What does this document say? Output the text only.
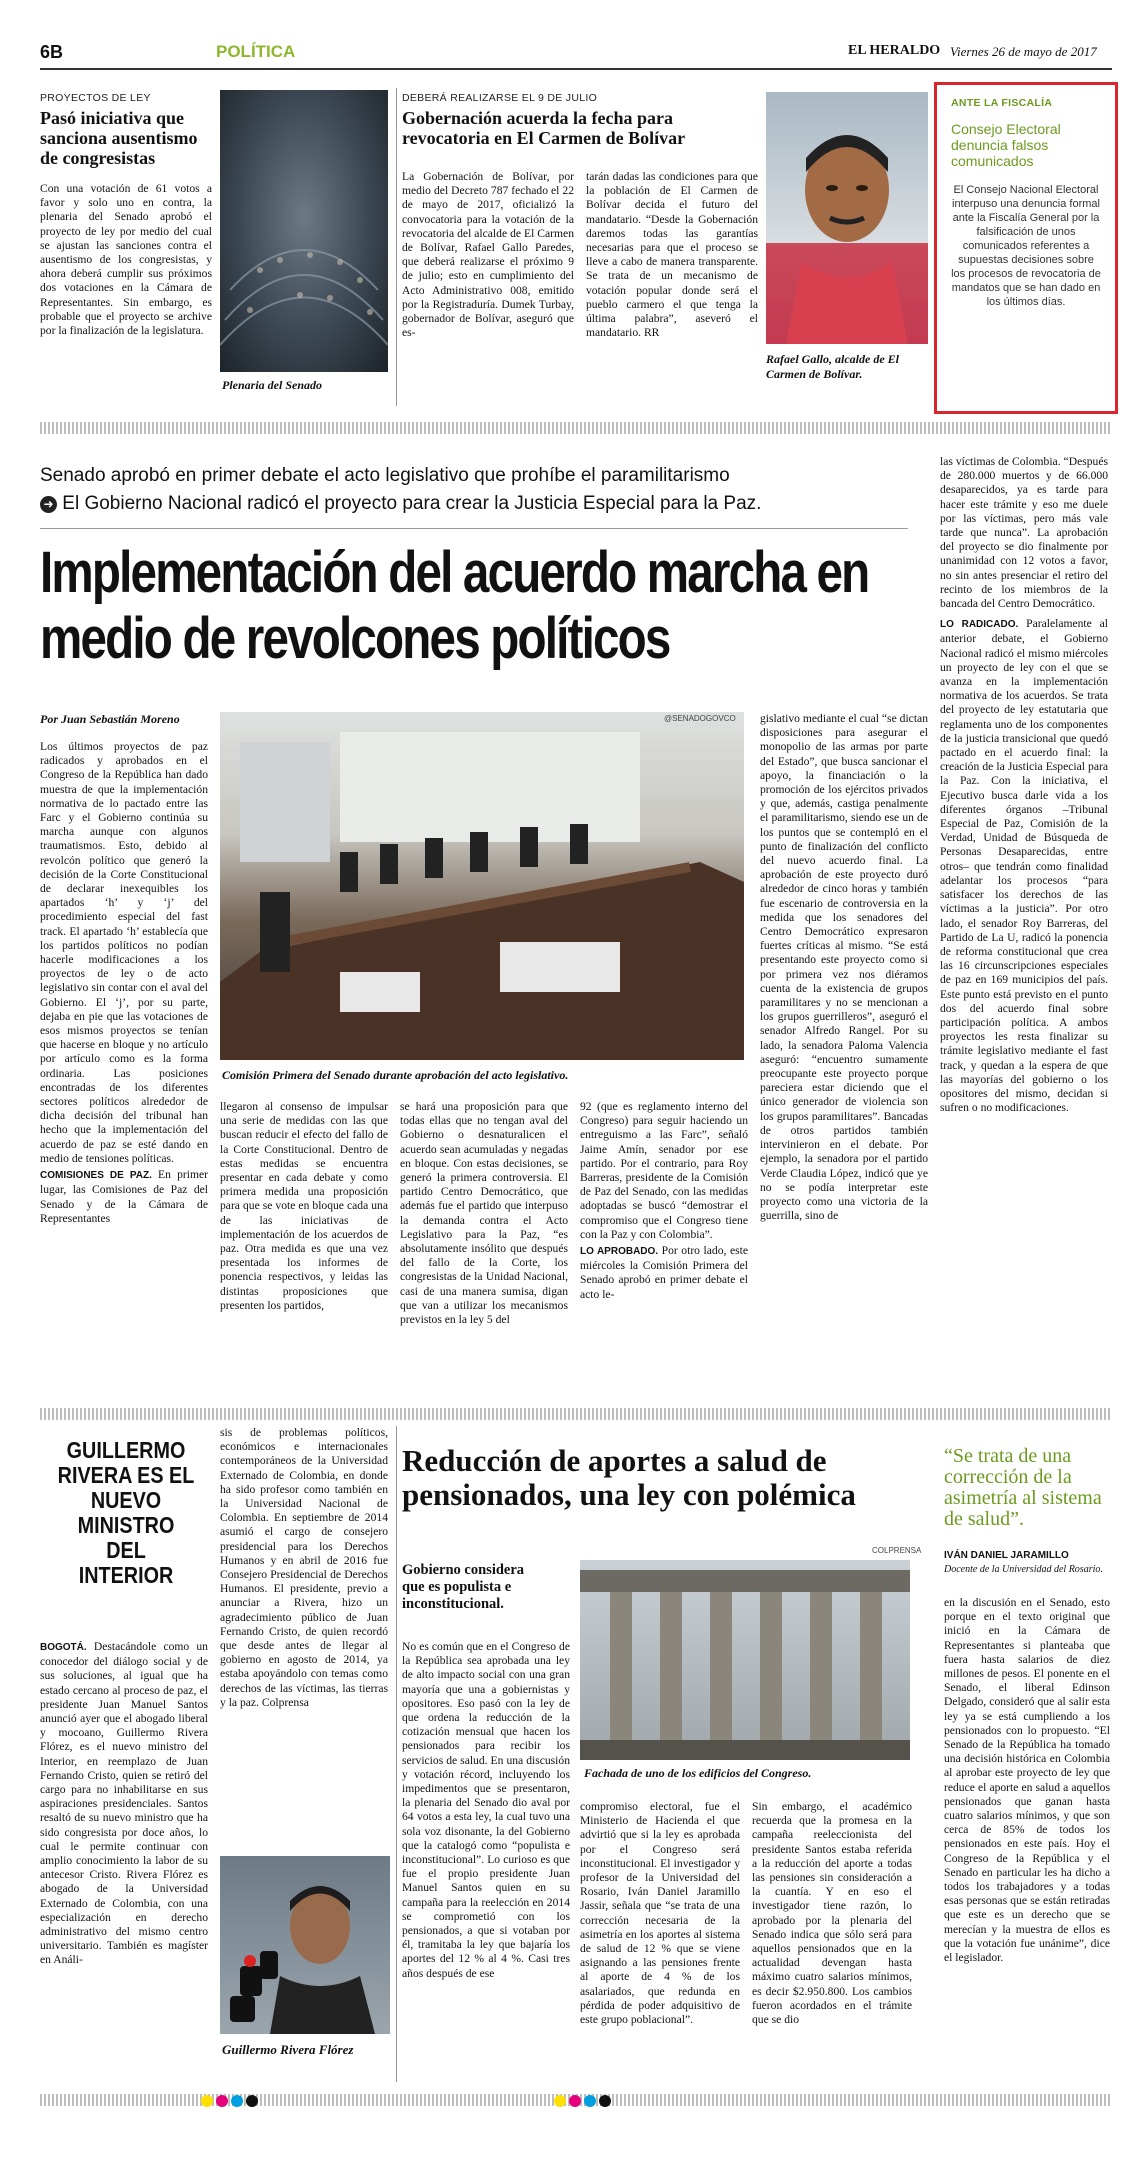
6B	POLÍTICA	EL HERALDO Viernes 26 de mayo de 2017
PROYECTOS DE LEY
Pasó iniciativa que sanciona ausentismo de congresistas

Con una votación de 61 votos a favor y solo uno en contra, la plenaria del Senado aprobó el proyecto de ley por medio del cual se ajustan las sanciones contra el ausentismo de los congresistas, y ahora deberá cumplir sus próximos dos votaciones en la Cámara de Representantes. Sin embargo, es probable que el proyecto se archive por la finalización de la legislatura.

Plenaria del Senado
DEBERÁ REALIZARSE EL 9 DE JULIO
Gobernación acuerda la fecha para revocatoria en El Carmen de Bolívar

La Gobernación de Bolívar, por medio del Decreto 787 fechado el 22 de mayo de 2017, oficializó la convocatoria para la votación de la revocatoria del alcalde de El Carmen de Bolívar, Rafael Gallo Paredes, que deberá realizarse el próximo 9 de julio; esto en cumplimiento del Acto Administrativo 008, emitido por la Registraduría. Dumek Turbay, gobernador de Bolívar, aseguró que es-

tarán dadas las condiciones para que la población de El Carmen de Bolívar decida el futuro del mandatario. “Desde la Gobernación daremos todas las garantías necesarias para que el proceso se lleve a cabo de manera transparente. Se trata de un mecanismo de votación popular donde será el pueblo carmero el que tenga la última palabra”, aseveró el mandatario. RR

Rafael Gallo, alcalde de El Carmen de Bolívar.
ANTE LA FISCALÍA
Consejo Electoral denuncia falsos comunicados
El Consejo Nacional Electoral interpuso una denuncia formal ante la Fiscalía General por la falsificación de unos comunicados referentes a supuestas decisiones sobre los procesos de revocatoria de mandatos que se han dado en los últimos días.
Senado aprobó en primer debate el acto legislativo que prohíbe el paramilitarismo
➜ El Gobierno Nacional radicó el proyecto para crear la Justicia Especial para la Paz.
Implementación del acuerdo marcha en medio de revolcones políticos
Por Juan Sebastián Moreno	@SENADOGOVCO
Comisión Primera del Senado durante aprobación del acto legislativo.

Los últimos proyectos de paz radicados y aprobados en el Congreso de la República han dado muestra de que la implementación normativa de lo pactado entre las Farc y el Gobierno continúa su marcha aunque con algunos traumatismos. Esto, debido al revolcón político que generó la decisión de la Corte Constitucional de declarar inexequibles los apartados ‘h’ y ‘j’ del procedimiento especial del fast track. El apartado ‘h’ establecía que los partidos políticos no podían hacerle modificaciones a los proyectos de ley o de acto legislativo sin contar con el aval del Gobierno. El ‘j’, por su parte, dejaba en pie que las votaciones de esos mismos proyectos se tenían que hacerse en bloque y no artículo por artículo como es la forma ordinaria. Las posiciones encontradas de los diferentes sectores políticos alrededor de dicha decisión del tribunal han hecho que la implementación del acuerdo de paz se esté dando en medio de tensiones políticas.

COMISIONES DE PAZ. En primer lugar, las Comisiones de Paz del Senado y de la Cámara de Representantes

llegaron al consenso de impulsar una serie de medidas con las que buscan reducir el efecto del fallo de la Corte Constitucional. Dentro de estas medidas se encuentra presentar en cada debate y como primera medida una proposición para que se vote en bloque cada una de las iniciativas de implementación de los acuerdos de paz. Otra medida es que una vez presentada los informes de ponencia respectivos, y leidas las distintas proposiciones que presenten los partidos,

se hará una proposición para que todas ellas que no tengan aval del Gobierno o desnaturalicen el acuerdo sean acumuladas y negadas en bloque. Con estas decisiones, se generó la primera controversia. El partido Centro Democrático, que además fue el partido que interpuso la demanda contra el Acto Legislativo para la Paz, “es absolutamente insólito que después del fallo de la Corte, los congresistas de la Unidad Nacional, casi de una manera sumisa, digan que van a utilizar los mecanismos previstos en la ley 5 del

92 (que es reglamento interno del Congreso) para seguir haciendo un entreguismo a las Farc”, señaló Jaime Amín, senador por ese partido. Por el contrario, para Roy Barreras, presidente de la Comisión de Paz del Senado, con las medidas adoptadas se buscó “demostrar el compromiso que el Congreso tiene con la Paz y con Colombia”.

LO APROBADO. Por otro lado, este miércoles la Comisión Primera del Senado aprobó en primer debate el acto le-

gislativo mediante el cual “se dictan disposiciones para asegurar el monopolio de las armas por parte del Estado”, que busca sancionar el apoyo, la financiación o la promoción de los ejércitos privados y que, además, castiga penalmente el paramilitarismo, siendo ese un de los puntos que se contempló en el punto de finalización del conflicto del nuevo acuerdo final. La aprobación de este proyecto duró alrededor de cinco horas y también fue escenario de controversia en la medida que los senadores del Centro Democrático expresaron fuertes críticas al mismo. “Se está presentando este proyecto como si por primera vez nos diéramos cuenta de la existencia de grupos paramilitares y no se mencionan a los grupos guerrilleros”, aseguró el senador Alfredo Rangel. Por su lado, la senadora Paloma Valencia aseguró: “encuentro sumamente preocupante este proyecto porque pareciera estar diciendo que el único generador de violencia son los grupos paramilitares”. Bancadas de otros partidos también intervinieron en el debate. Por ejemplo, la senadora por el partido Verde Claudia López, indicó que ye no se podía interpretar este proyecto como una victoria de la guerrilla, sino de

las víctimas de Colombia. “Después de 280.000 muertos y de 66.000 desaparecidos, ya es tarde para hacer este trámite y eso me duele por las víctimas, pero más vale tarde que nunca”. La aprobación del proyecto se dio finalmente por unanimidad con 12 votos a favor, no sin antes presenciar el retiro del recinto de los miembros de la bancada del Centro Democrático.

LO RADICADO. Paralelamente al anterior debate, el Gobierno Nacional radicó el mismo miércoles un proyecto de ley con el que se avanza en la implementación normativa de los acuerdos. Se trata del proyecto de ley estatutaria que reglamenta uno de los componentes de la justicia transicional que quedó pactado en el acuerdo final: la creación de la Justicia Especial para la Paz. Con la iniciativa, el Ejecutivo busca darle vida a los diferentes órganos –Tribunal Especial de Paz, Comisión de la Verdad, Unidad de Búsqueda de Personas Desaparecidas, entre otros– que tendrán como finalidad adelantar los procesos “para satisfacer los derechos de las víctimas a la justicia”. Por otro lado, el senador Roy Barreras, del Partido de La U, radicó la ponencia de reforma constitucional que crea las 16 circunscripciones especiales de paz en 169 municipios del país. Este punto está previsto en el punto dos del acuerdo final sobre participación política. A ambos proyectos les resta finalizar su trámite legislativo mediante el fast track, y quedan a la espera de que las mayorías del gobierno o los opositores del mismo, decidan si sufren o no modificaciones.

GUILLERMO RIVERA ES EL NUEVO MINISTRO DEL INTERIOR

BOGOTÁ. Destacándole como un conocedor del diálogo social y de sus soluciones, al igual que ha estado cercano al proceso de paz, el presidente Juan Manuel Santos anunció ayer que el abogado liberal y mocoano, Guillermo Rivera Flórez, es el nuevo ministro del Interior, en reemplazo de Juan Fernando Cristo, quien se retiró del cargo para no inhabilitarse en sus aspiraciones presidenciales. Santos resaltó de su nuevo ministro que ha sido congresista por doce años, lo cual le permite continuar con amplio conocimiento la labor de su antecesor Cristo. Rivera Flórez es abogado de la Universidad Externado de Colombia, con una especialización en derecho administrativo del mismo centro universitario. También es magíster en Análi-

sis de problemas políticos, económicos e internacionales contemporáneos de la Universidad Externado de Colombia, en donde ha sido profesor como también en la Universidad Nacional de Colombia. En septiembre de 2014 asumió el cargo de consejero presidencial para los Derechos Humanos y en abril de 2016 fue Consejero Presidencial de Derechos Humanos. El presidente, previo a anunciar a Rivera, hizo un agradecimiento público de Juan Fernando Cristo, de quien recordó que desde antes de llegar al gobierno en agosto de 2014, ya estaba apoyándolo con temas como derechos de las víctimas, las tierras y la paz. Colprensa

Guillermo Rivera Flórez
Reducción de aportes a salud de pensionados, una ley con polémica
Gobierno considera que es populista e inconstitucional.
COLPRENSA
Fachada de uno de los edificios del Congreso.

No es común que en el Congreso de la República sea aprobada una ley de alto impacto social con una gran mayoría que una a gobiernistas y opositores. Eso pasó con la ley de que ordena la reducción de la cotización mensual que hacen los pensionados para recibir los servicios de salud. En una discusión y votación récord, incluyendo los impedimentos que se presentaron, la plenaria del Senado dio aval por 64 votos a esta ley, la cual tuvo una sola voz disonante, la del Gobierno que la catalogó como “populista e inconstitucional”. Lo curioso es que fue el propio presidente Juan Manuel Santos quien en su campaña para la reelección en 2014 se comprometió con los pensionados, a que si votaban por él, tramitaba la ley que bajaría los aportes del 12 % al 4 %. Casi tres años después de ese

compromiso electoral, fue el Ministerio de Hacienda el que advirtió que si la ley es aprobada por el Congreso será inconstitucional. El investigador y profesor de la Universidad del Rosario, Iván Daniel Jaramillo Jassir, señala que “se trata de una corrección necesaria de la asimetría en los aportes al sistema de salud de 12 % que se viene asignando a las pensiones frente al aporte de 4 % de los asalariados, que redunda en pérdida de poder adquisitivo de este grupo poblacional”.

Sin embargo, el académico recuerda que la promesa en la campaña reeleccionista del presidente Santos estaba referida a la reducción del aporte a todas las pensiones sin consideración a la cuantía. Y en eso el investigador tiene razón, lo aprobado por la plenaria del Senado indica que sólo será para aquellos pensionados que en la actualidad devengan hasta máximo cuatro salarios mínimos, es decir $2.950.800. Los cambios fueron acordados en el trámite que se dio

en la discusión en el Senado, esto porque en el texto original que inició en la Cámara de Representantes si planteaba que fuera hasta salarios de diez millones de pesos. El ponente en el Senado, el liberal Edinson Delgado, consideró que al salir esta ley ya se está cumpliendo a los pensionados con lo propuesto. “El Senado de la República ha tomado una decisión histórica en Colombia al aprobar este proyecto de ley que reduce el aporte en salud a aquellos pensionados que ganan hasta cuatro salarios mínimos, y que son cerca de 85% de todos los pensionados en este país. Hoy el Congreso de la República y el Senado en particular les ha dicho a todos los trabajadores y a todas esas personas que se están retiradas que este es un derecho que se merecían y la muestra de ellos es que la votación fue unánime”, dice el legislador.

“Se trata de una corrección de la asimetría al sistema de salud”.
IVÁN DANIEL JARAMILLO
Docente de la Universidad del Rosario.
